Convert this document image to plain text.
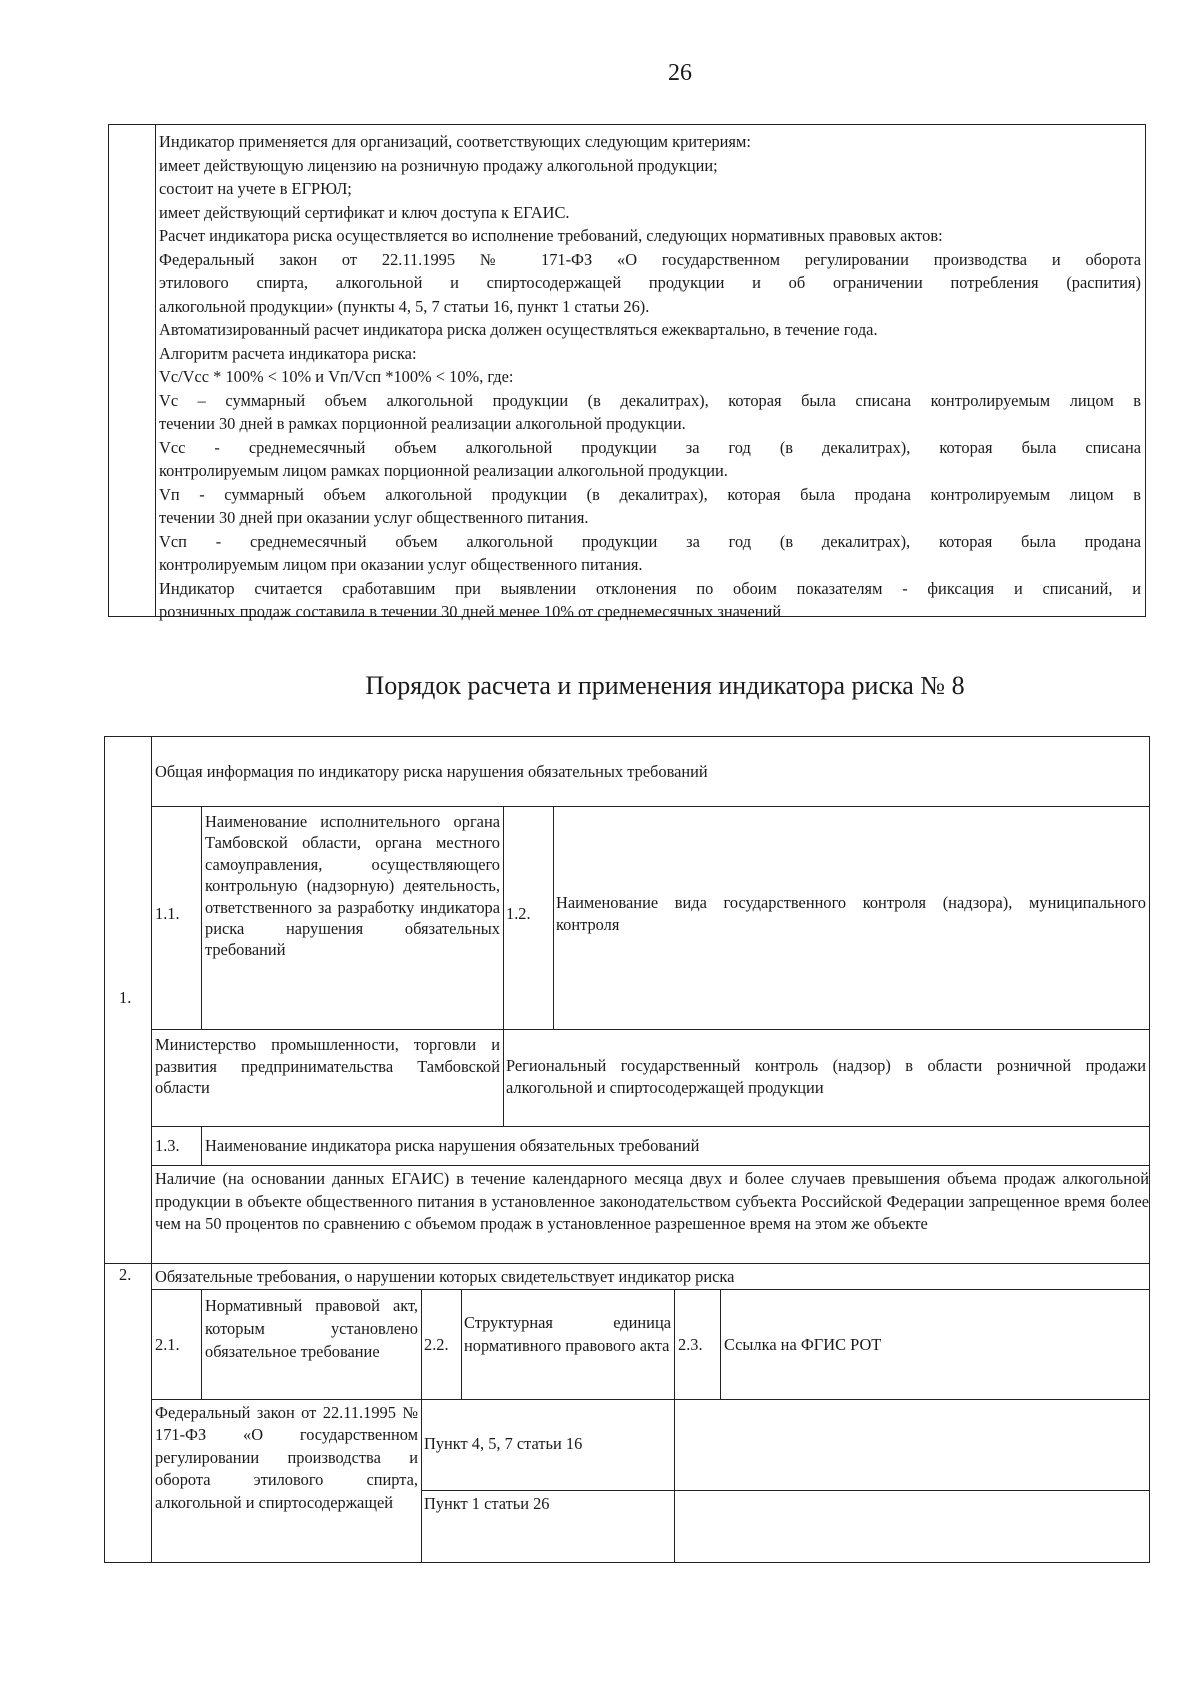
26

Индикатор применяется для организаций, соответствующих следующим критериям:

имеет действующую лицензию на розничную продажу алкогольной продукции;

состоит на учете в ЕГРЮЛ;

имеет действующий сертификат и ключ доступа к ЕГАИС.

Расчет индикатора риска осуществляется во исполнение требований, следующих нормативных правовых актов:

Федеральный закон от 22.11.1995 № 171-ФЗ «О государственном регулировании производства и оборота

этилового спирта, алкогольной и спиртосодержащей продукции и об ограничении потребления (распития)

алкогольной продукции» (пункты 4, 5, 7 статьи 16, пункт 1 статьи 26).

Автоматизированный расчет индикатора риска должен осуществляться ежеквартально, в течение года.

Алгоритм расчета индикатора риска:

Vc/Vcc * 100% < 10% и Vп/Vсп *100% < 10%, где:

Vc – суммарный объем алкогольной продукции (в декалитрах), которая была списана контролируемым лицом в

течении 30 дней в рамках порционной реализации алкогольной продукции.

Vcc - среднемесячный объем алкогольной продукции за год (в декалитрах), которая была списана

контролируемым лицом рамках порционной реализации алкогольной продукции.

Vп - суммарный объем алкогольной продукции (в декалитрах), которая была продана контролируемым лицом в

течении 30 дней при оказании услуг общественного питания.

Vсп - среднемесячный объем алкогольной продукции за год (в декалитрах), которая была продана

контролируемым лицом при оказании услуг общественного питания.

Индикатор считается сработавшим при выявлении отклонения по обоим показателям - фиксация и списаний, и

розничных продаж составила в течении 30 дней менее 10% от среднемесячных значений

Порядок расчета и применения индикатора риска № 8
1.
Общая информация по индикатору риска нарушения обязательных требований
1.1.
Наименование исполнительного органа Тамбовской области, органа местного самоуправления, осуществляющего контрольную (надзорную) деятельность, ответственного за разработку индикатора риска нарушения обязательных требований
1.2.
Наименование вида государственного контроля (надзора), муниципального контроля
Министерство промышленности, торговли и развития предпринимательства Тамбовской области
Региональный государственный контроль (надзор) в области розничной продажи алкогольной и спиртосодержащей продукции
1.3. Наименование индикатора риска нарушения обязательных требований
Наличие (на основании данных ЕГАИС) в течение календарного месяца двух и более случаев превышения объема продаж алкогольной продукции в объекте общественного питания в установленное законодательством субъекта Российской Федерации запрещенное время более чем на 50 процентов по сравнению с объемом продаж в установленное разрешенное время на этом же объекте
2. Обязательные требования, о нарушении которых свидетельствует индикатор риска
2.1.
Нормативный правовой акт, которым установлено обязательное требование	2.2.
Структурная единица нормативного правового акта 2.3. Ссылка на ФГИС РОТ
Федеральный закон от 22.11.1995 № 171-ФЗ «О государственном регулировании производства и оборота этилового спирта, алкогольной и спиртосодержащей
Пункт 4, 5, 7 статьи 16
Пункт 1 статьи 26
